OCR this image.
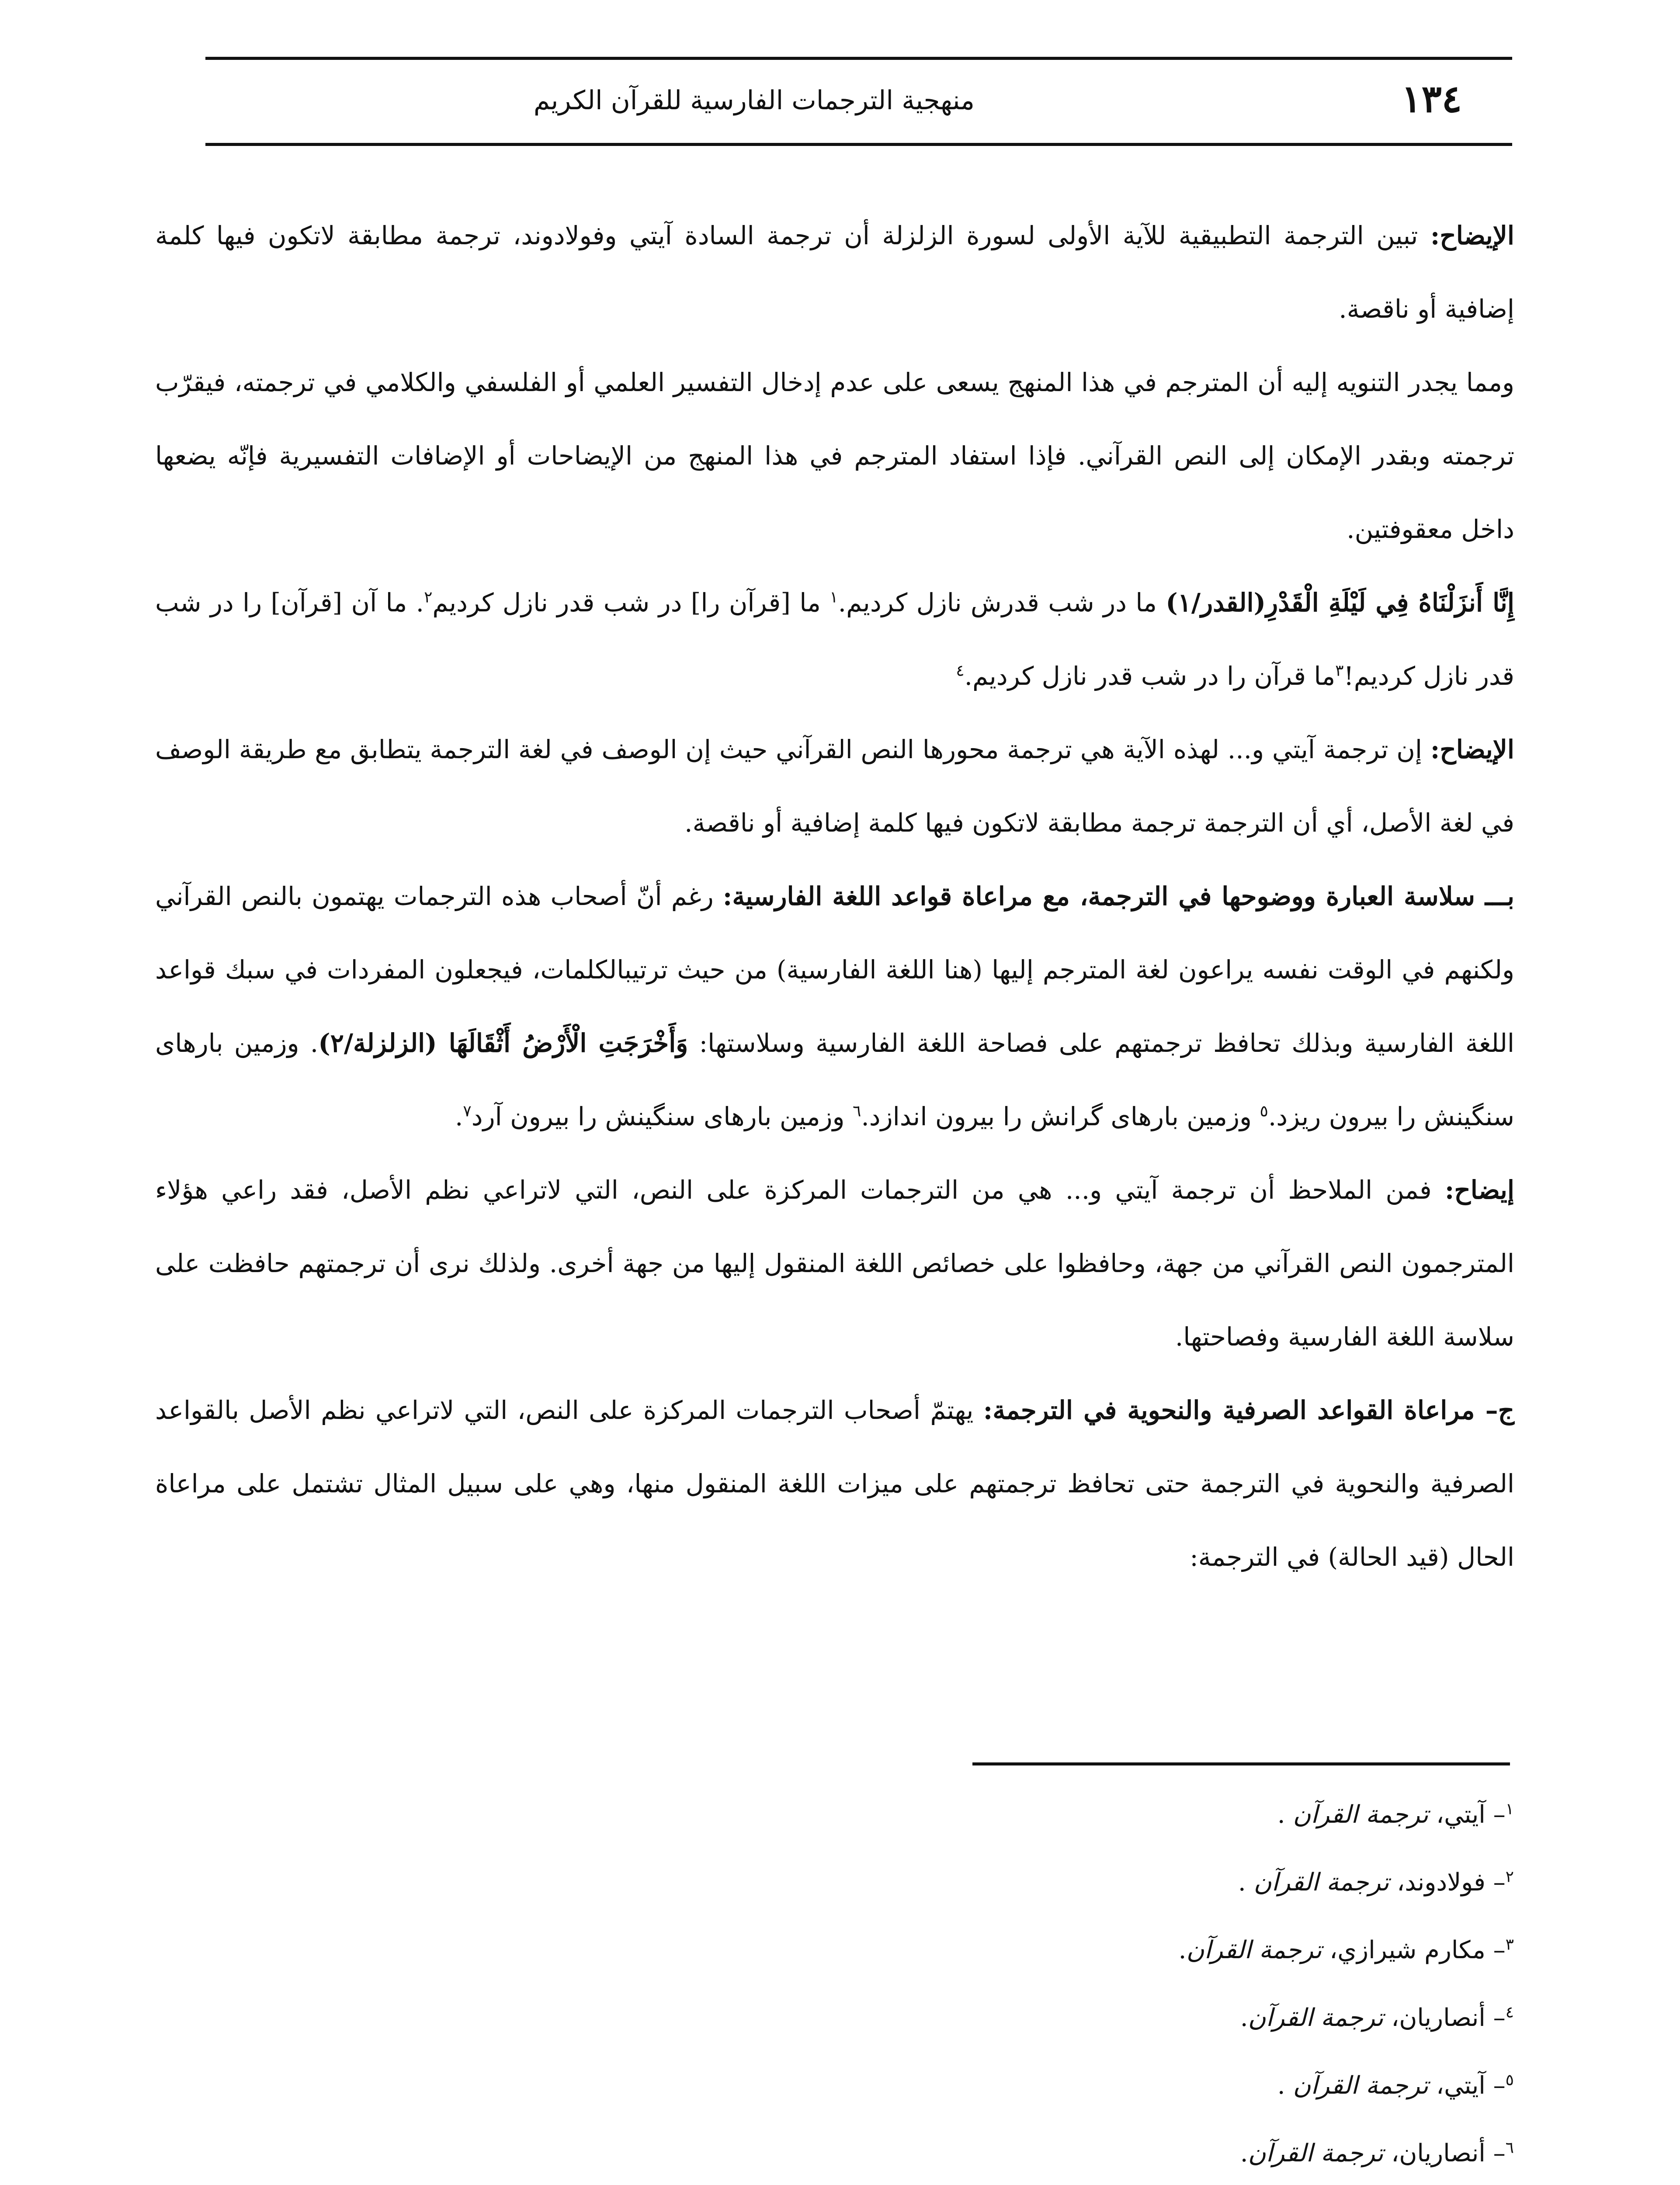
١٣٤
منهجية الترجمات الفارسية للقرآن الكريم

الإيضاح: تبين الترجمة التطبيقية للآية الأولى لسورة الزلزلة أن ترجمة السادة آيتي وفولادوند، ترجمة مطابقة لاتكون فيها كلمة إضافية أو ناقصة.

ومما يجدر التنويه إليه أن المترجم في هذا المنهج يسعى على عدم إدخال التفسير العلمي أو الفلسفي والكلامي في ترجمته، فيقرّب ترجمته وبقدر الإمكان إلى النص القرآني. فإذا استفاد المترجم في هذا المنهج من الإيضاحات أو الإضافات التفسيرية فإنّه يضعها داخل معقوفتين.

إِنَّا أَنزَلْنَاهُ فِي لَيْلَةِ الْقَدْرِ(القدر/١) ما در شب قدرش نازل كرديم.$^١$ ما [قرآن را] در شب قدر نازل كرديم$^٢$. ما آن [قرآن] را در شب قدر نازل كرديم!$^٣$ما قرآن را در شب قدر نازل كرديم.$^٤$

الإيضاح: إن ترجمة آيتي و... لهذه الآية هي ترجمة محورها النص القرآني حيث إن الوصف في لغة الترجمة يتطابق مع طريقة الوصف في لغة الأصل، أي أن الترجمة ترجمة مطابقة لاتكون فيها كلمة إضافية أو ناقصة.

بـــ سلاسة العبارة ووضوحها في الترجمة، مع مراعاة قواعد اللغة الفارسية: رغم أنّ أصحاب هذه الترجمات يهتمون بالنص القرآني ولكنهم في الوقت نفسه يراعون لغة المترجم إليها (هنا اللغة الفارسية) من حيث ترتيبالكلمات، فيجعلون المفردات في سبك قواعد اللغة الفارسية وبذلك تحافظ ترجمتهم على فصاحة اللغة الفارسية وسلاستها: وَأَخْرَجَتِ الْأَرْضُ أَثْقَالَهَا (الزلزلة/٢). وزمين بارهاى سنگينش را بيرون ريزد.$^٥$ وزمين بارهاى گرانش را بيرون اندازد.$^٦$ وزمين بارهاى سنگينش را بيرون آرد$^٧$.

إيضاح: فمن الملاحظ أن ترجمة آيتي و... هي من الترجمات المركزة على النص، التي لاتراعي نظم الأصل، فقد راعي هؤلاء المترجمون النص القرآني من جهة، وحافظوا على خصائص اللغة المنقول إليها من جهة أخرى. ولذلك نرى أن ترجمتهم حافظت على سلاسة اللغة الفارسية وفصاحتها.

ج– مراعاة القواعد الصرفية والنحوية في الترجمة: يهتمّ أصحاب الترجمات المركزة على النص، التي لاتراعي نظم الأصل بالقواعد الصرفية والنحوية في الترجمة حتى تحافظ ترجمتهم على ميزات اللغة المنقول منها، وهي على سبيل المثال تشتمل على مراعاة الحال (قيد الحالة) في الترجمة:

$^١$– آيتي، ترجمة القرآن .
$^٢$– فولادوند، ترجمة القرآن .
$^٣$– مكارم شيرازي، ترجمة القرآن.
$^٤$– أنصاريان، ترجمة القرآن.
$^٥$– آيتي، ترجمة القرآن .
$^٦$– أنصاريان، ترجمة القرآن.
